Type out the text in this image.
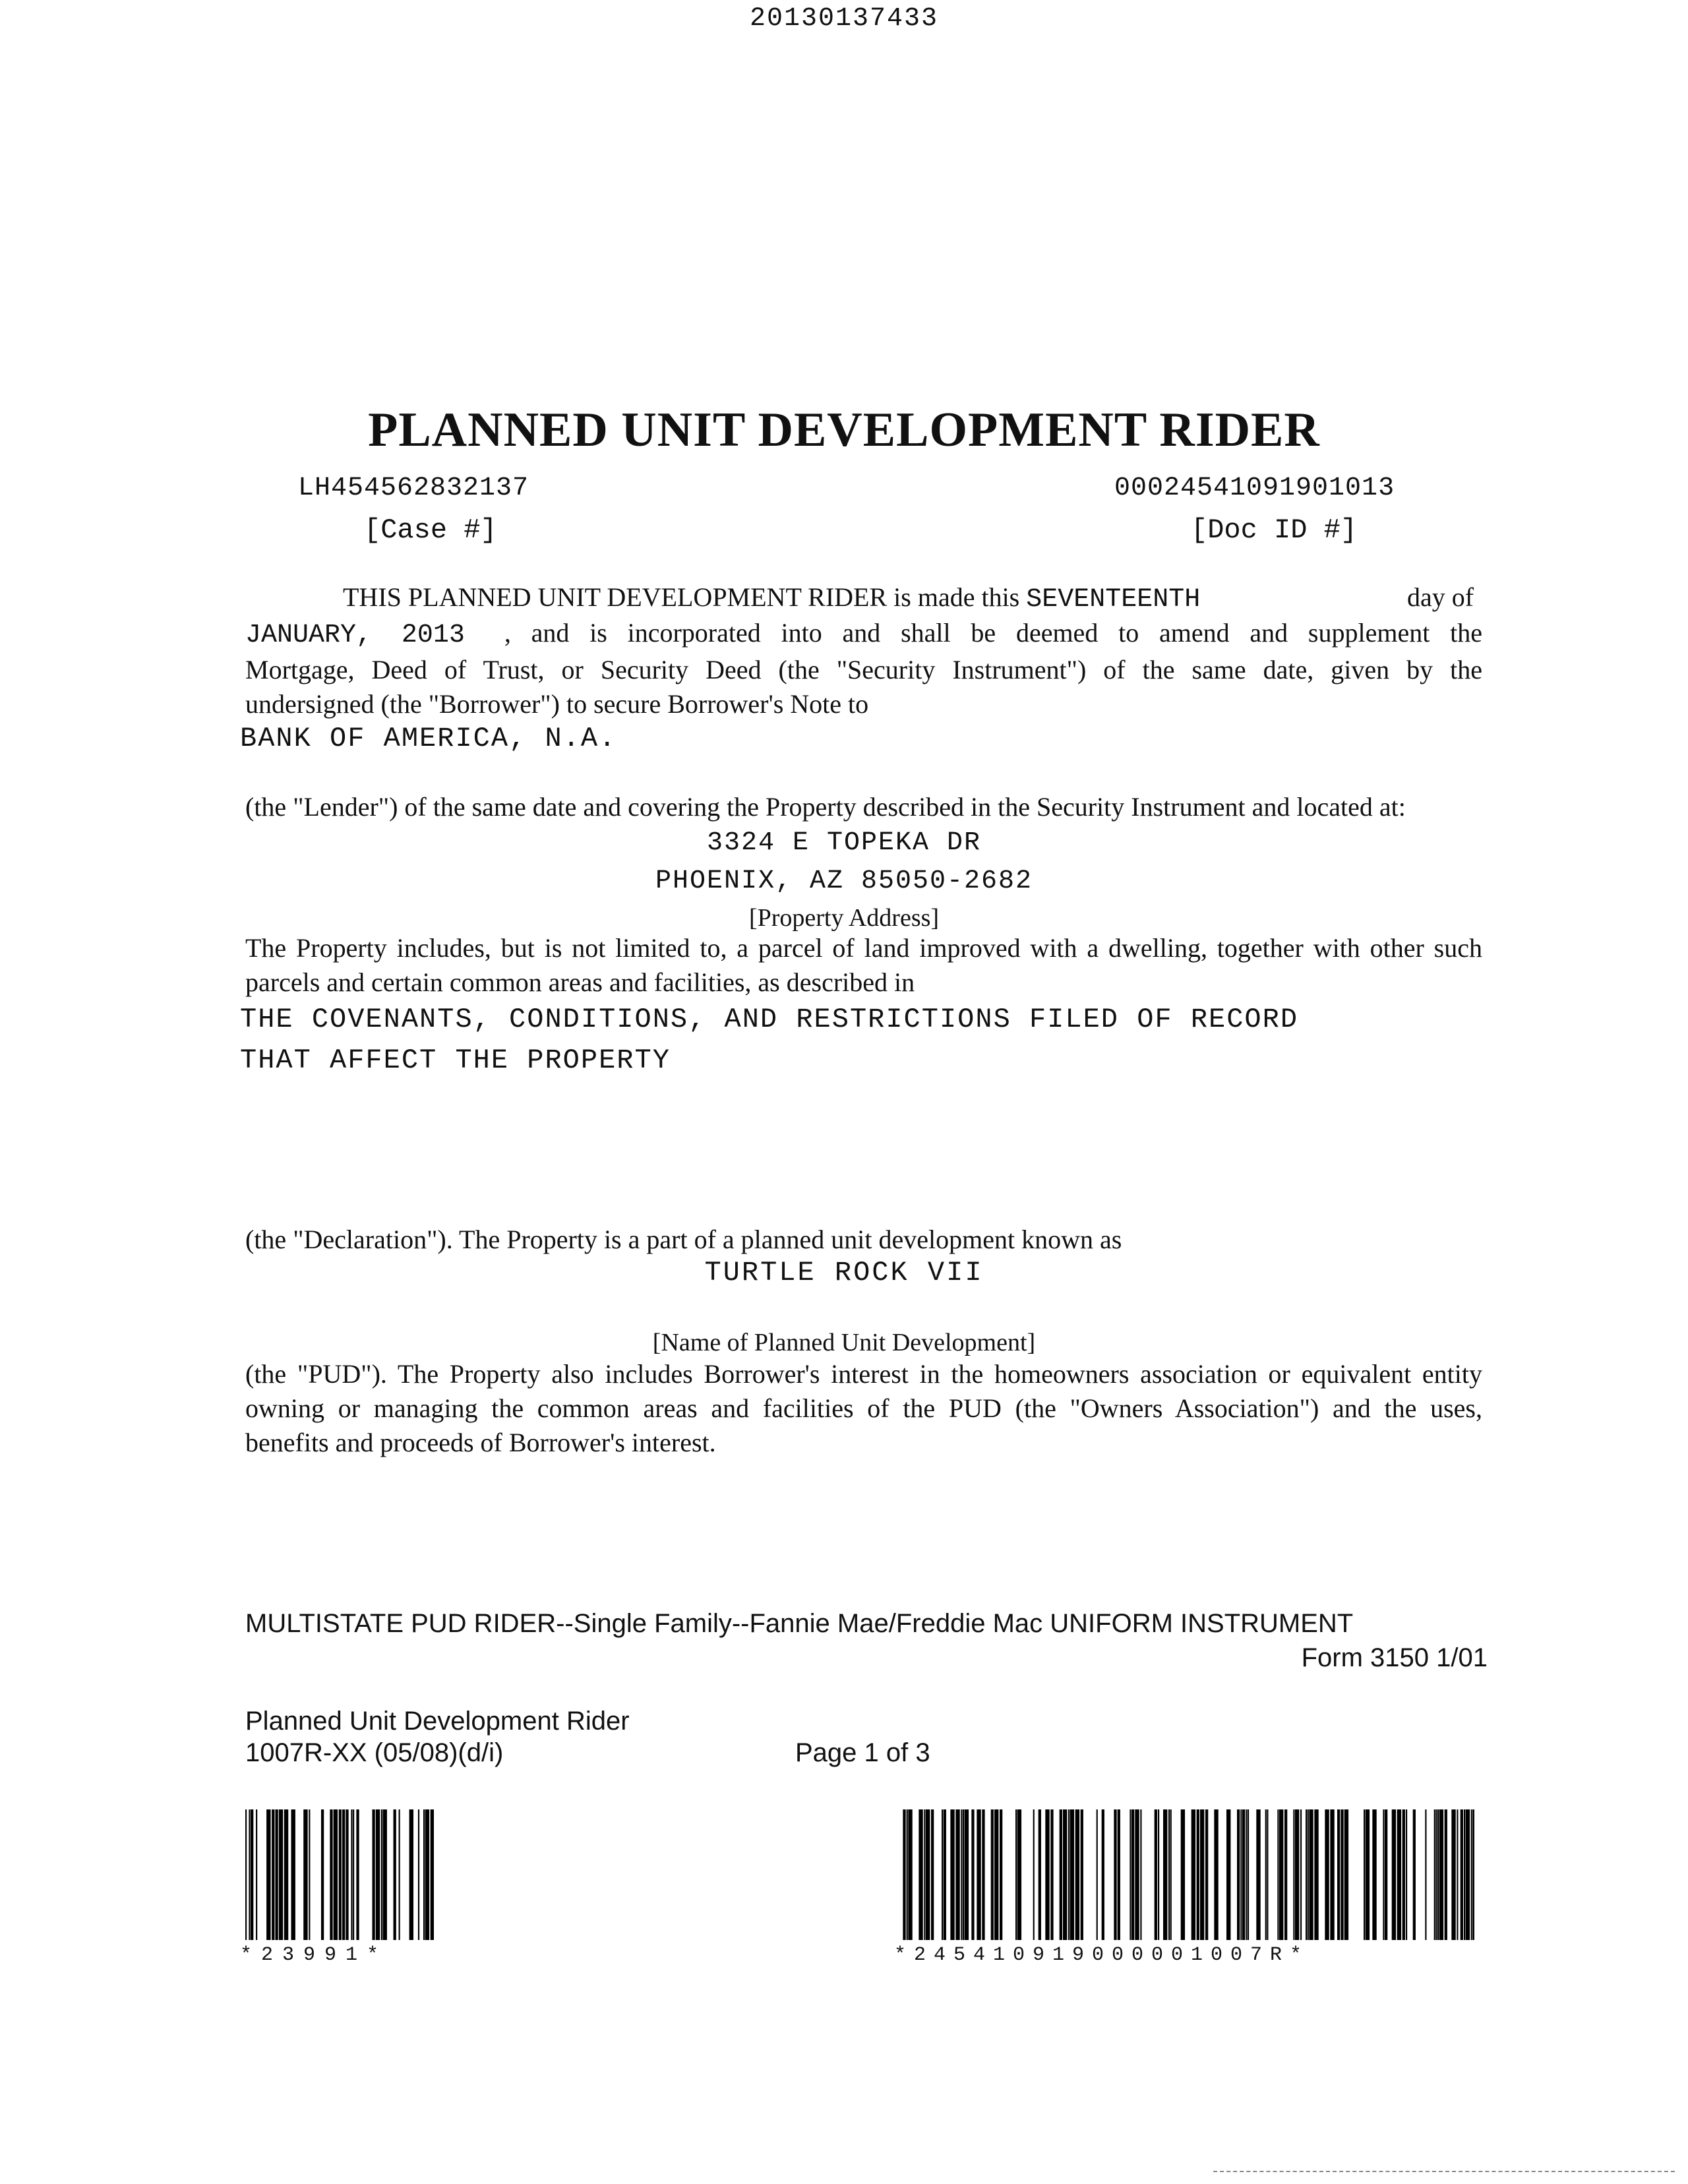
20130137433
PLANNED UNIT DEVELOPMENT RIDER
LH454562832137
[Case #]
00024541091901013
[Doc ID #]
THIS PLANNED UNIT DEVELOPMENT RIDER is made this SEVENTEENTH	day of
JANUARY, 2013 , and is incorporated into and shall be deemed to amend and supplement the
Mortgage, Deed of Trust, or Security Deed (the "Security Instrument") of the same date, given by the
undersigned (the "Borrower") to secure Borrower's Note to
BANK OF AMERICA, N.A.
(the "Lender") of the same date and covering the Property described in the Security Instrument and located at:
3324 E TOPEKA DR
PHOENIX, AZ 85050-2682
[Property Address]
The Property includes, but is not limited to, a parcel of land improved with a dwelling, together with other such
parcels and certain common areas and facilities, as described in
THE COVENANTS, CONDITIONS, AND RESTRICTIONS FILED OF RECORD
THAT AFFECT THE PROPERTY
(the "Declaration"). The Property is a part of a planned unit development known as
TURTLE ROCK VII
[Name of Planned Unit Development]
(the "PUD"). The Property also includes Borrower's interest in the homeowners association or equivalent entity
owning or managing the common areas and facilities of the PUD (the "Owners Association") and the uses,
benefits and proceeds of Borrower's interest.
MULTISTATE PUD RIDER--Single Family--Fannie Mae/Freddie Mac UNIFORM INSTRUMENT
Form 3150 1/01
Planned Unit Development Rider
1007R-XX (05/08)(d/i)	Page 1 of 3
*23991*	*245410919000001007R*
